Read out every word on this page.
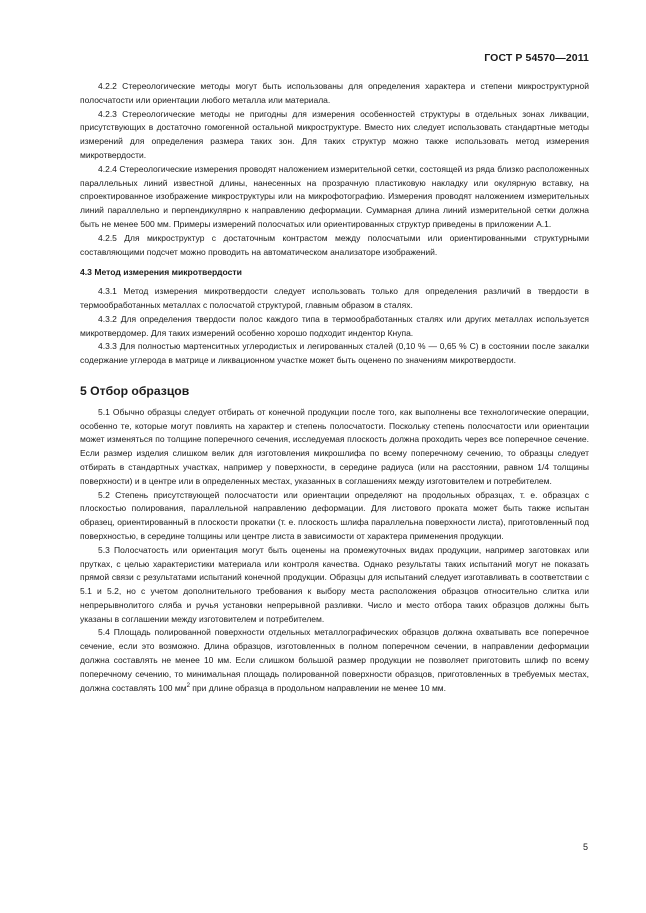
ГОСТ Р 54570—2011

4.2.2 Стереологические методы могут быть использованы для определения характера и степени микроструктурной полосчатости или ориентации любого металла или материала.

4.2.3 Стереологические методы не пригодны для измерения особенностей структуры в отдельных зонах ликвации, присутствующих в достаточно гомогенной остальной микроструктуре. Вместо них следует использовать стандартные методы измерений для определения размера таких зон. Для таких структур можно также использовать метод измерения микротвердости.

4.2.4 Стереологические измерения проводят наложением измерительной сетки, состоящей из ряда близко расположенных параллельных линий известной длины, нанесенных на прозрачную пластиковую накладку или окулярную вставку, на спроектированное изображение микроструктуры или на микрофотографию. Измерения проводят наложением измерительных линий параллельно и перпендикулярно к направлению деформации. Суммарная длина линий измерительной сетки должна быть не менее 500 мм. Примеры измерений полосчатых или ориентированных структур приведены в приложении А.1.

4.2.5 Для микроструктур с достаточным контрастом между полосчатыми или ориентированными структурными составляющими подсчет можно проводить на автоматическом анализаторе изображений.

4.3 Метод измерения микротвердости

4.3.1 Метод измерения микротвердости следует использовать только для определения различий в твердости в термообработанных металлах с полосчатой структурой, главным образом в сталях.

4.3.2 Для определения твердости полос каждого типа в термообработанных сталях или других металлах используется микротвердомер. Для таких измерений особенно хорошо подходит индентор Кнупа.

4.3.3 Для полностью мартенситных углеродистых и легированных сталей (0,10 % — 0,65 % С) в состоянии после закалки содержание углерода в матрице и ликвационном участке может быть оценено по значениям микротвердости.

5 Отбор образцов

5.1 Обычно образцы следует отбирать от конечной продукции после того, как выполнены все технологические операции, особенно те, которые могут повлиять на характер и степень полосчатости. Поскольку степень полосчатости или ориентации может изменяться по толщине поперечного сечения, исследуемая плоскость должна проходить через все поперечное сечение. Если размер изделия слишком велик для изготовления микрошлифа по всему поперечному сечению, то образцы следует отбирать в стандартных участках, например у поверхности, в середине радиуса (или на расстоянии, равном 1/4 толщины поверхности) и в центре или в определенных местах, указанных в соглашениях между изготовителем и потребителем.

5.2 Степень присутствующей полосчатости или ориентации определяют на продольных образцах, т. е. образцах с плоскостью полирования, параллельной направлению деформации. Для листового проката может быть также испытан образец, ориентированный в плоскости прокатки (т. е. плоскость шлифа параллельна поверхности листа), приготовленный под поверхностью, в середине толщины или центре листа в зависимости от характера применения продукции.

5.3 Полосчатость или ориентация могут быть оценены на промежуточных видах продукции, например заготовках или прутках, с целью характеристики материала или контроля качества. Однако результаты таких испытаний могут не показать прямой связи с результатами испытаний конечной продукции. Образцы для испытаний следует изготавливать в соответствии с 5.1 и 5.2, но с учетом дополнительного требования к выбору места расположения образцов относительно слитка или непрерывнолитого сляба и ручья установки непрерывной разливки. Число и место отбора таких образцов должны быть указаны в соглашении между изготовителем и потребителем.

5.4 Площадь полированной поверхности отдельных металлографических образцов должна охватывать все поперечное сечение, если это возможно. Длина образцов, изготовленных в полном поперечном сечении, в направлении деформации должна составлять не менее 10 мм. Если слишком большой размер продукции не позволяет приготовить шлиф по всему поперечному сечению, то минимальная площадь полированной поверхности образцов, приготовленных в требуемых местах, должна составлять 100 $мм^2$ при длине образца в продольном направлении не менее 10 мм.

5
